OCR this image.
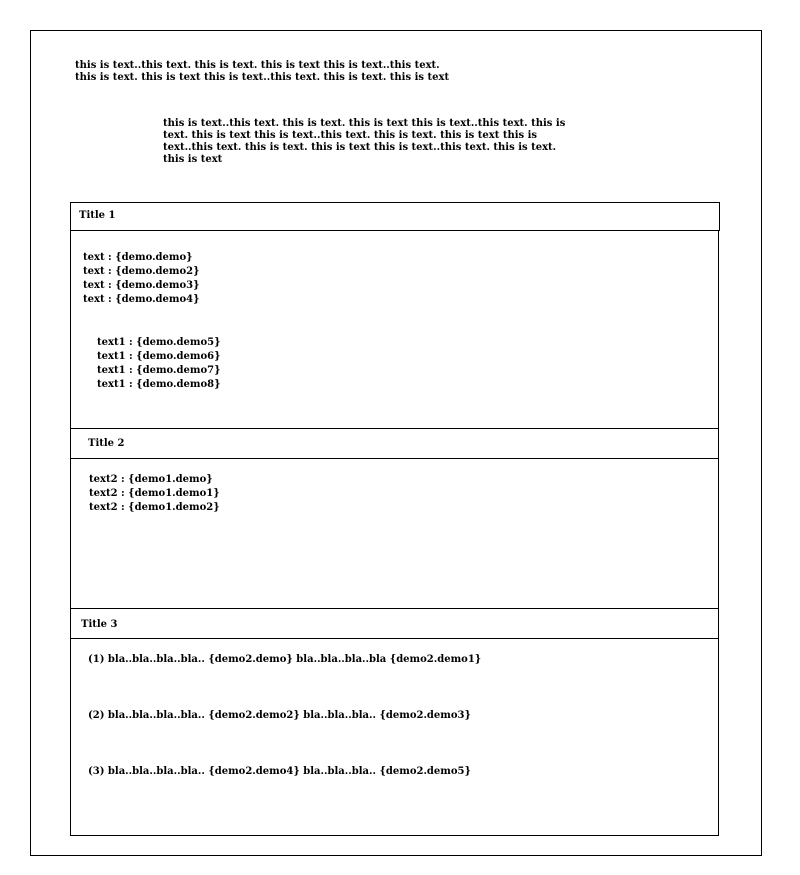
this is text..this text. this is text. this is text this is text..this text.
this is text. this is text this is text..this text. this is text. this is text
this is text..this text. this is text. this is text this is text..this text. this is
text. this is text this is text..this text. this is text. this is text this is
text..this text. this is text. this is text this is text..this text. this is text.
this is text
Title 1
text : {demo.demo}
text : {demo.demo2}
text : {demo.demo3}
text : {demo.demo4}
text1 : {demo.demo5}
text1 : {demo.demo6}
text1 : {demo.demo7}
text1 : {demo.demo8}
Title 2
text2 : {demo1.demo}
text2 : {demo1.demo1}
text2 : {demo1.demo2}
Title 3
(1) bla..bla..bla..bla.. {demo2.demo} bla..bla..bla..bla {demo2.demo1}
(2) bla..bla..bla..bla.. {demo2.demo2} bla..bla..bla.. {demo2.demo3}
(3) bla..bla..bla..bla.. {demo2.demo4} bla..bla..bla.. {demo2.demo5}
